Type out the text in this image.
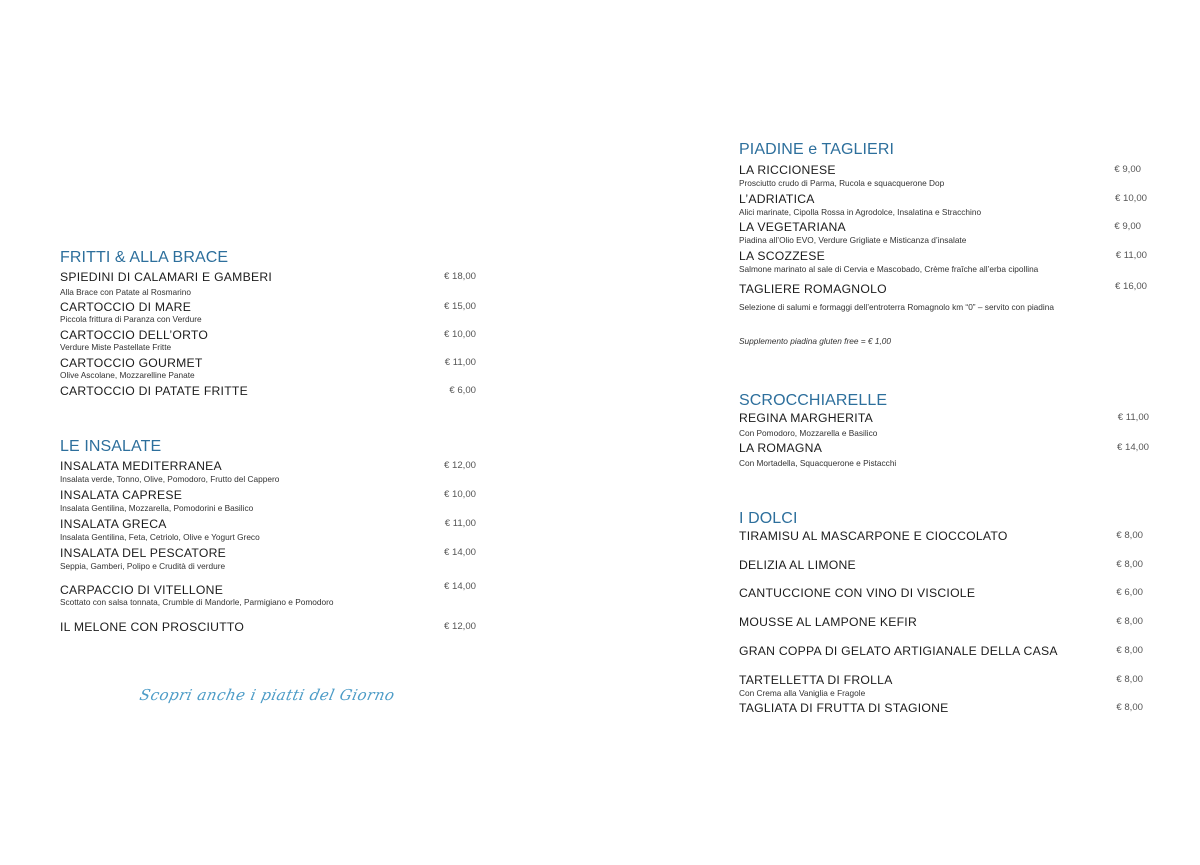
FRITTI & ALLA BRACE
SPIEDINI DI CALAMARI E GAMBERI	€ 18,00
Alla Brace con Patate al Rosmarino
CARTOCCIO DI MARE	€ 15,00
Piccola frittura di Paranza con Verdure
CARTOCCIO DELL’ORTO	€ 10,00
Verdure Miste Pastellate Fritte
CARTOCCIO GOURMET	€ 11,00
Olive Ascolane, Mozzarelline Panate
CARTOCCIO DI PATATE FRITTE	€ 6,00
LE INSALATE
INSALATA MEDITERRANEA	€ 12,00
Insalata verde, Tonno, Olive, Pomodoro, Frutto del Cappero
INSALATA CAPRESE	€ 10,00
Insalata Gentilina, Mozzarella, Pomodorini e Basilico
INSALATA GRECA	€ 11,00
Insalata Gentilina, Feta, Cetriolo, Olive e Yogurt Greco
INSALATA DEL PESCATORE	€ 14,00
Seppia, Gamberi, Polipo e Crudità di verdure
CARPACCIO DI VITELLONE	€ 14,00
Scottato con salsa tonnata, Crumble di Mandorle, Parmigiano e Pomodoro
IL MELONE CON PROSCIUTTO	€ 12,00
Scopri anche i piatti del Giorno
PIADINE e TAGLIERI
LA RICCIONESE	€ 9,00
Prosciutto crudo di Parma, Rucola e squacquerone Dop
L’ADRIATICA	€ 10,00
Alici marinate, Cipolla Rossa in Agrodolce, Insalatina e Stracchino
LA VEGETARIANA	€ 9,00
Piadina all’Olio EVO, Verdure Grigliate e Misticanza d’insalate
LA SCOZZESE	€ 11,00
Salmone marinato al sale di Cervia e Mascobado, Crème fraîche all’erba cipollina
TAGLIERE ROMAGNOLO	€ 16,00
Selezione di salumi e formaggi dell’entroterra Romagnolo km “0” – servito con piadina
Supplemento piadina gluten free = € 1,00
SCROCCHIARELLE
REGINA MARGHERITA	€ 11,00
Con Pomodoro, Mozzarella e Basilico
LA ROMAGNA	€ 14,00
Con Mortadella, Squacquerone e Pistacchi
I DOLCI
TIRAMISU AL MASCARPONE E CIOCCOLATO	€ 8,00
DELIZIA AL LIMONE	€ 8,00
CANTUCCIONE CON VINO DI VISCIOLE	€ 6,00
MOUSSE AL LAMPONE KEFIR	€ 8,00
GRAN COPPA DI GELATO ARTIGIANALE DELLA CASA	€ 8,00
TARTELLETTA DI FROLLA	€ 8,00
Con Crema alla Vaniglia e Fragole
TAGLIATA DI FRUTTA DI STAGIONE	€ 8,00
